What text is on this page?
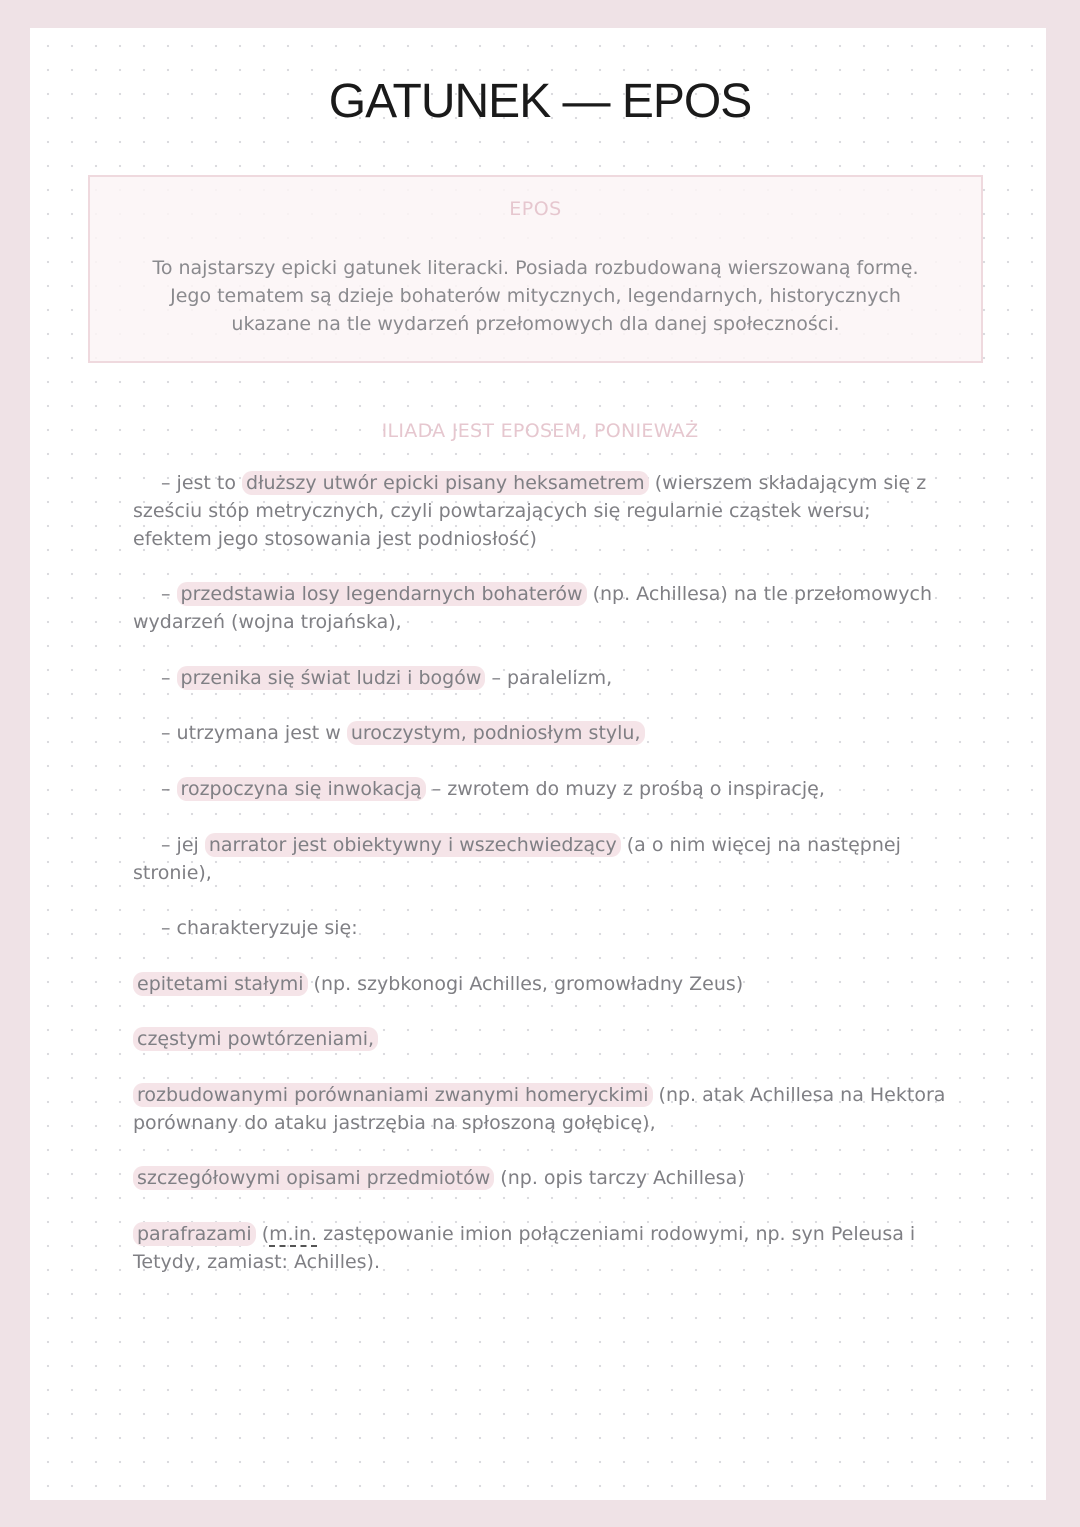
GATUNEK — EPOS
EPOS
To najstarszy epicki gatunek literacki. Posiada rozbudowaną wierszowaną formę.
Jego tematem są dzieje bohaterów mitycznych, legendarnych, historycznych
ukazane na tle wydarzeń przełomowych dla danej społeczności.
ILIADA JEST EPOSEM, PONIEWAŻ

– jest to dłuższy utwór epicki pisany heksametrem (wierszem składającym się z sześciu stóp metrycznych, czyli powtarzających się regularnie cząstek wersu; efektem jego stosowania jest podniosłość)

– przedstawia losy legendarnych bohaterów (np. Achillesa) na tle przełomowych wydarzeń (wojna trojańska),

– przenika się świat ludzi i bogów – paralelizm,

– utrzymana jest w uroczystym, podniosłym stylu,

– rozpoczyna się inwokacją – zwrotem do muzy z prośbą o inspirację,

– jej narrator jest obiektywny i wszechwiedzący (a o nim więcej na następnej stronie),

– charakteryzuje się:

epitetami stałymi (np. szybkonogi Achilles, gromowładny Zeus)

częstymi powtórzeniami,

rozbudowanymi porównaniami zwanymi homeryckimi (np. atak Achillesa na Hektora porównany do ataku jastrzębia na spłoszoną gołębicę),

szczegółowymi opisami przedmiotów (np. opis tarczy Achillesa)

parafrazami (m.in. zastępowanie imion połączeniami rodowymi, np. syn Peleusa i Tetydy, zamiast: Achilles).
